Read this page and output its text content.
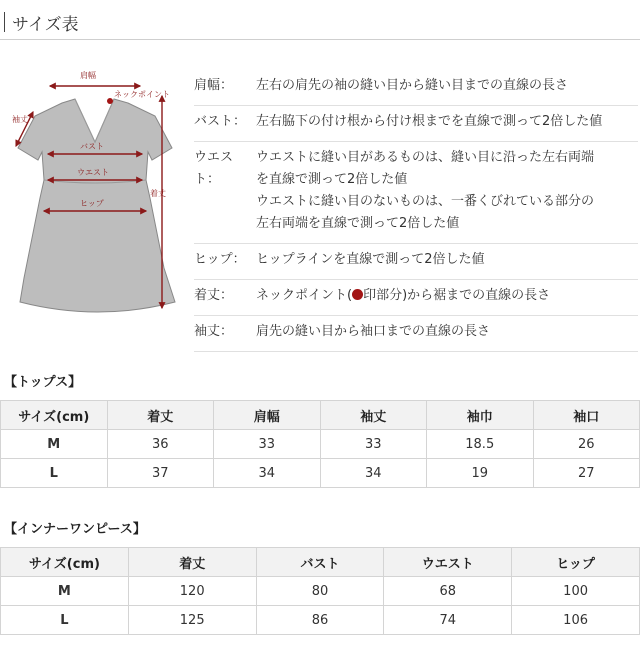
サイズ表
肩幅
ネックポイント
袖丈
着丈
バスト
ウエスト
ヒップ
肩幅：	左右の肩先の袖の縫い目から縫い目までの直線の長さ
バスト： 左右脇下の付け根から付け根までを直線で測って2倍した値
ウエスト：
ウエストに縫い目があるものは、縫い目に沿った左右両端
を直線で測って2倍した値
ウエストに縫い目のないものは、一番くびれている部分の
左右両端を直線で測って2倍した値
ヒップ： ヒップラインを直線で測って2倍した値
着丈：	ネックポイント( 印部分)から裾までの直線の長さ
袖丈：	肩先の縫い目から袖口までの直線の長さ
【トップス】
サイズ(cm)	着丈	肩幅	袖丈	袖巾	袖口
M	36	33	33	18.5	26
L	37	34	34	19	27
【インナーワンピース】
サイズ(cm)	着丈	バスト	ウエスト	ヒップ
M	120	80	68	100
L	125	86	74	106
